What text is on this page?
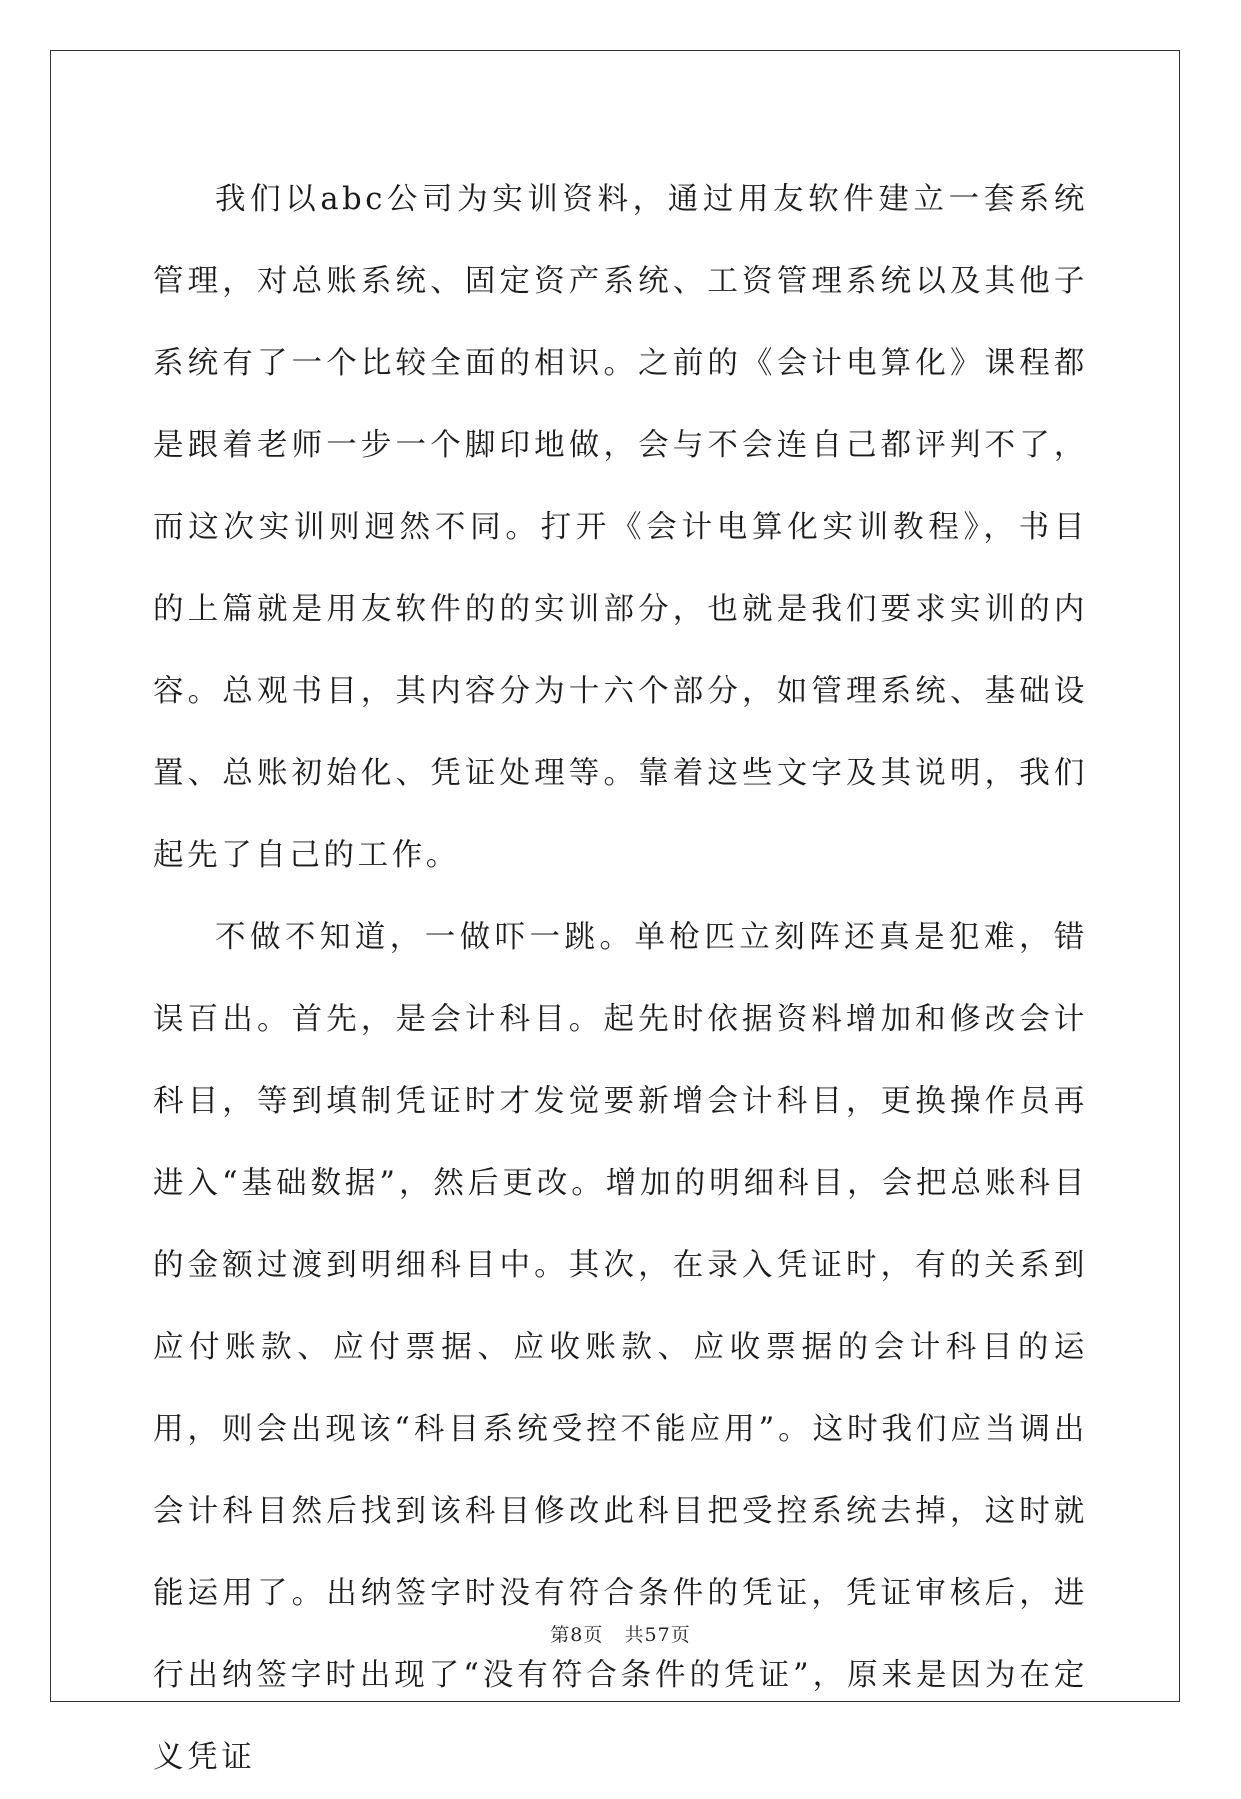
我们以abc公司为实训资料，通过用友软件建立一套系统管理，对总账系统、固定资产系统、工资管理系统以及其他子系统有了一个比较全面的相识。之前的《会计电算化》课程都是跟着老师一步一个脚印地做，会与不会连自己都评判不了，而这次实训则迥然不同。打开《会计电算化实训教程》，书目的上篇就是用友软件的的实训部分，也就是我们要求实训的内容。总观书目，其内容分为十六个部分，如管理系统、基础设置、总账初始化、凭证处理等。靠着这些文字及其说明，我们起先了自己的工作。

不做不知道，一做吓一跳。单枪匹立刻阵还真是犯难，错误百出。首先，是会计科目。起先时依据资料增加和修改会计科目，等到填制凭证时才发觉要新增会计科目，更换操作员再进入“基础数据”，然后更改。增加的明细科目，会把总账科目的金额过渡到明细科目中。其次，在录入凭证时，有的关系到应付账款、应付票据、应收账款、应收票据的会计科目的运用，则会出现该“科目系统受控不能应用”。这时我们应当调出会计科目然后找到该科目修改此科目把受控系统去掉，这时就能运用了。出纳签字时没有符合条件的凭证，凭证审核后，进行出纳签字时出现了“没有符合条件的凭证”，原来是因为在定义凭证

第8页 共57页
